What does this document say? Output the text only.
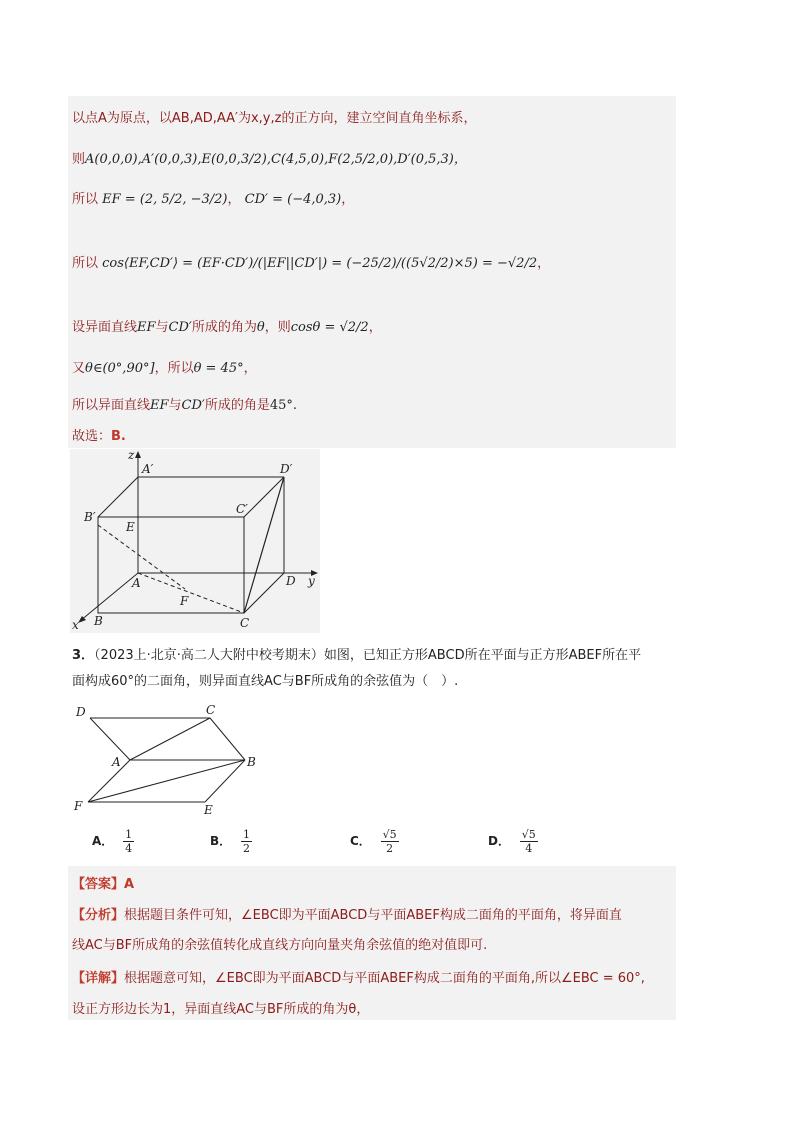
以点A为原点，以AB,AD,AA′为x,y,z的正方向，建立空间直角坐标系，
则A(0,0,0),A′(0,0,3),E(0,0,3/2),C(4,5,0),F(2,5/2,0),D′(0,5,3)，
所以 EF = (2, 5/2, −3/2)， CD′ = (−4,0,3)，
所以 cos⟨EF,CD′⟩ = (EF·CD′)/(|EF||CD′|) = (−25/2)/((5√2/2)×5) = −√2/2，
设异面直线EF与CD′所成的角为θ，则cosθ = √2/2，
又θ∈(0°,90°]，所以θ = 45°，
所以异面直线EF与CD′所成的角是45°.
故选：B.
z
A′	D′
B′
C′
E
A
F
D y
x B	C
3．（2023上·北京·高二人大附中校考期末）如图，已知正方形ABCD所在平面与正方形ABEF所在平
面构成60°的二面角，则异面直线AC与BF所成角的余弦值为（　）.
D	C
A	B
F	E
A． $\frac{1}{4}$	B． $\frac{1}{2}$	C． $\frac{√5}{2}$	D． $\frac{√5}{4}$
【答案】A
【分析】根据题目条件可知，∠EBC即为平面ABCD与平面ABEF构成二面角的平面角，将异面直
线AC与BF所成角的余弦值转化成直线方向向量夹角余弦值的绝对值即可.
【详解】根据题意可知，∠EBC即为平面ABCD与平面ABEF构成二面角的平面角,所以∠EBC = 60°,
设正方形边长为1，异面直线AC与BF所成的角为θ，
